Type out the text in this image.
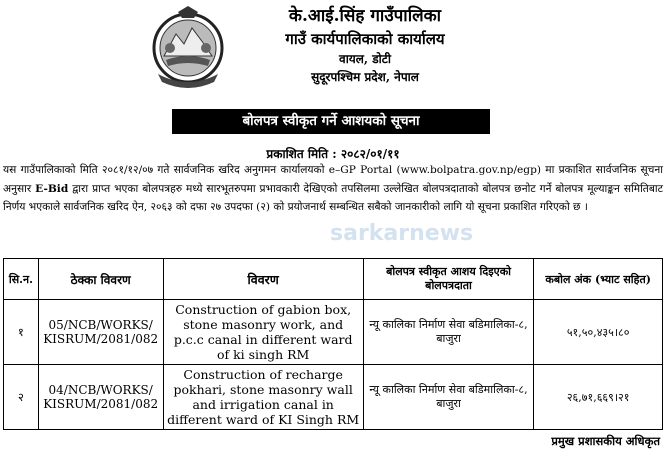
के.आई.सिंह गाउँपालिका
गाउँ कार्यपालिकाको कार्यालय
वायल, डोटी
सुदूरपश्चिम प्रदेश, नेपाल
बोलपत्र स्वीकृत गर्ने आशयको सूचना
प्रकाशित मिति : २०८२/०१/११
यस गाउँपालिकाको मिति २०८१/१२/०७ गते सार्वजनिक खरिद अनुगमन कार्यालयको e–GP Portal (www.bolpatra.gov.np/egp) मा प्रकाशित सार्वजनिक सूचना अनुसार E-Bid द्वारा प्राप्त भएका बोलपत्रहरु मध्ये सारभूतरुपमा प्रभावकारी देखिएको तपसिलमा उल्लेखित बोलपत्रदाताको बोलपत्र छनोट गर्ने बोलपत्र मूल्याङ्कन समितिबाट निर्णय भएकाले सार्वजनिक खरिद ऐन, २०६३ को दफा २७ उपदफा (२) को प्रयोजनार्थ सम्बन्धित सबैको जानकारीको लागि यो सूचना प्रकाशित गरिएको छ ।
sarkarnews
सि.न.	ठेक्का विवरण	विवरण	बोलपत्र स्वीकृत आशय दिइएको बोलपत्रदाता	कबोल अंक (भ्याट सहित)
१	05/NCB/WORKS/ KISRUM/2081/082	Construction of gabion box, stone masonry work, and p.c.c canal in different ward of ki singh RM	न्यू कालिका निर्माण सेवा बडिमालिका-८, बाजुरा	५१,५०,४३५।८०
२	04/NCB/WORKS/ KISRUM/2081/082	Construction of recharge pokhari, stone masonry wall and irrigation canal in different ward of KI Singh RM	न्यू कालिका निर्माण सेवा बडिमालिका-८, बाजुरा	२६,७१,६६९।२१
प्रमुख प्रशासकीय अधिकृत
